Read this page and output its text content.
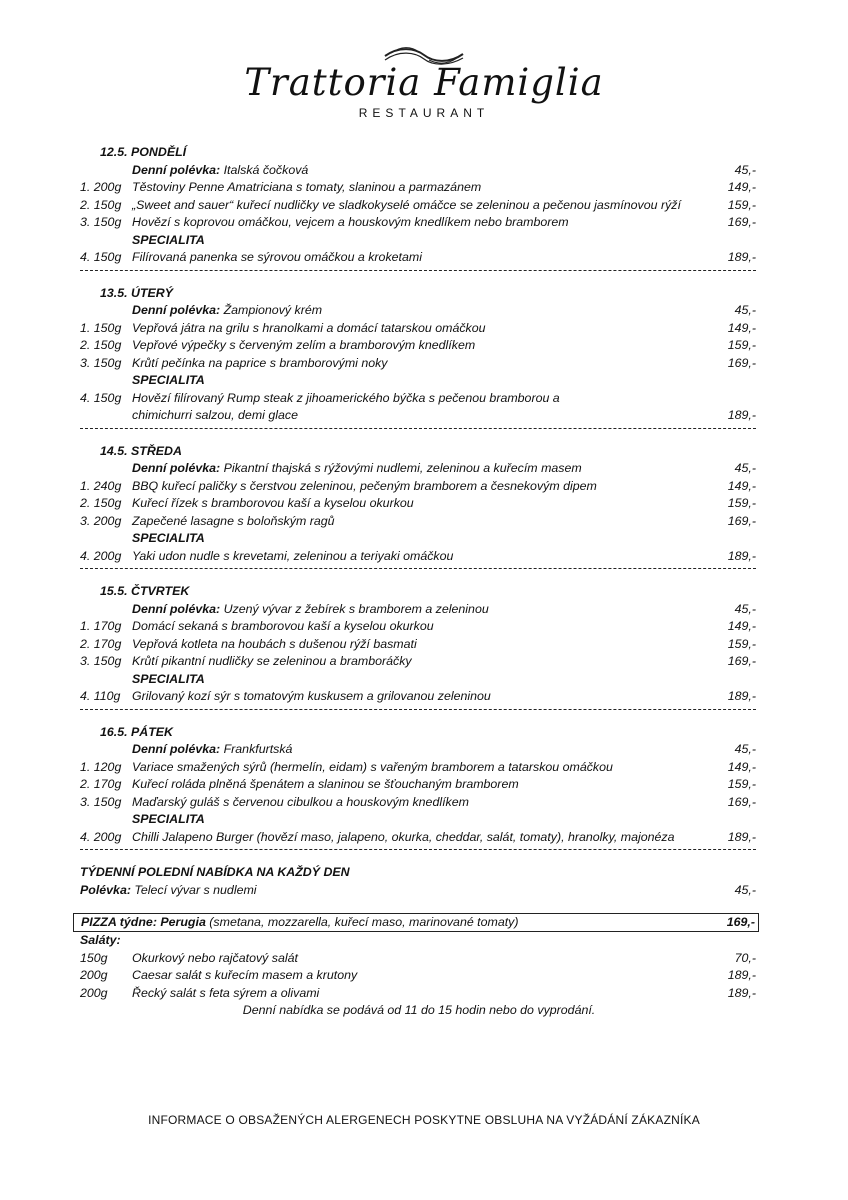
Trattoria Famiglia
RESTAURANT
12.5. PONDĚLÍ
Denní polévka: Italská čočková	45,-
1. 200g Těstoviny Penne Amatriciana s tomaty, slaninou a parmazánem	149,-
2. 150g „Sweet and sauer“ kuřecí nudličky ve sladkokyselé omáčce se zeleninou a pečenou jasmínovou rýží	159,-
3. 150g Hovězí s koprovou omáčkou, vejcem a houskovým knedlíkem nebo bramborem	169,-
SPECIALITA
4. 150g Filírovaná panenka se sýrovou omáčkou a kroketami	189,-
13.5. ÚTERÝ
Denní polévka: Žampionový krém	45,-
1. 150g Vepřová játra na grilu s hranolkami a domácí tatarskou omáčkou	149,-
2. 150g Vepřové výpečky s červeným zelím a bramborovým knedlíkem	159,-
3. 150g Krůtí pečínka na paprice s bramborovými noky	169,-
SPECIALITA
4. 150g Hovězí filírovaný Rump steak z jihoamerického býčka s pečenou bramborou a
chimichurri salzou, demi glace	189,-
14.5. STŘEDA
Denní polévka: Pikantní thajská s rýžovými nudlemi, zeleninou a kuřecím masem	45,-
1. 240g BBQ kuřecí paličky s čerstvou zeleninou, pečeným bramborem a česnekovým dipem	149,-
2. 150g Kuřecí řízek s bramborovou kaší a kyselou okurkou	159,-
3. 200g Zapečené lasagne s boloňským ragů	169,-
SPECIALITA
4. 200g Yaki udon nudle s krevetami, zeleninou a teriyaki omáčkou	189,-
15.5. ČTVRTEK
Denní polévka: Uzený vývar z žebírek s bramborem a zeleninou	45,-
1. 170g Domácí sekaná s bramborovou kaší a kyselou okurkou	149,-
2. 170g Vepřová kotleta na houbách s dušenou rýží basmati	159,-
3. 150g Krůtí pikantní nudličky se zeleninou a bramboráčky	169,-
SPECIALITA
4. 110g Grilovaný kozí sýr s tomatovým kuskusem a grilovanou zeleninou	189,-
16.5. PÁTEK
Denní polévka: Frankfurtská	45,-
1. 120g Variace smažených sýrů (hermelín, eidam) s vařeným bramborem a tatarskou omáčkou	149,-
2. 170g Kuřecí roláda plněná špenátem a slaninou se šťouchaným bramborem	159,-
3. 150g Maďarský guláš s červenou cibulkou a houskovým knedlíkem	169,-
SPECIALITA
4. 200g Chilli Jalapeno Burger (hovězí maso, jalapeno, okurka, cheddar, salát, tomaty), hranolky, majonéza	189,-
TÝDENNÍ POLEDNÍ NABÍDKA NA KAŽDÝ DEN
Polévka: Telecí vývar s nudlemi	45,-
PIZZA týdne: Perugia (smetana, mozzarella, kuřecí maso, marinované tomaty)	169,-
Saláty:
150g Okurkový nebo rajčatový salát	70,-
200g Caesar salát s kuřecím masem a krutony	189,-
200g Řecký salát s feta sýrem a olivami	189,-
Denní nabídka se podává od 11 do 15 hodin nebo do vyprodání.
INFORMACE O OBSAŽENÝCH ALERGENECH POSKYTNE OBSLUHA NA VYŽÁDÁNÍ ZÁKAZNÍKA
